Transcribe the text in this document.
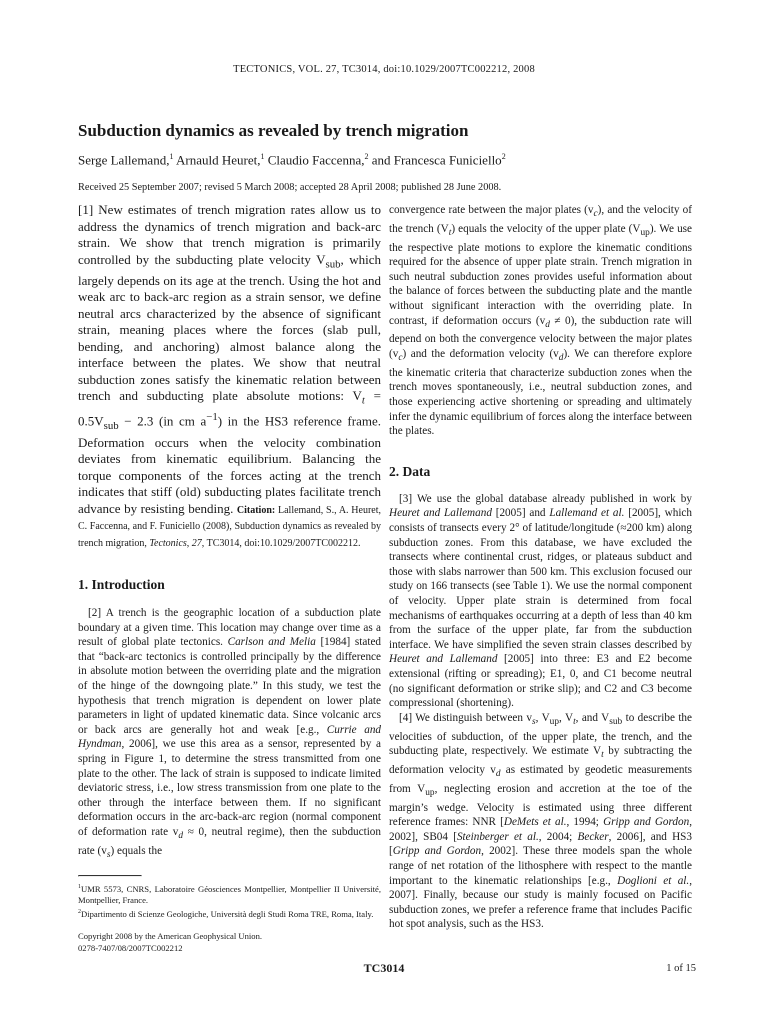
TECTONICS, VOL. 27, TC3014, doi:10.1029/2007TC002212, 2008
Subduction dynamics as revealed by trench migration
Serge Lallemand,$^1$ Arnauld Heuret,$^1$ Claudio Faccenna,$^2$ and Francesca Funiciello$^2$
Received 25 September 2007; revised 5 March 2008; accepted 28 April 2008; published 28 June 2008.

[1] New estimates of trench migration rates allow us to address the dynamics of trench migration and back-arc strain. We show that trench migration is primarily controlled by the subducting plate velocity $V_{sub}$, which largely depends on its age at the trench. Using the hot and weak arc to back-arc region as a strain sensor, we define neutral arcs characterized by the absence of significant strain, meaning places where the forces (slab pull, bending, and anchoring) almost balance along the interface between the plates. We show that neutral subduction zones satisfy the kinematic relation between trench and subducting plate absolute motions: $V_t = 0.5V_{sub} - 2.3$ (in cm $a^{-1}$) in the HS3 reference frame. Deformation occurs when the velocity combination deviates from kinematic equilibrium. Balancing the torque components of the forces acting at the trench indicates that stiff (old) subducting plates facilitate trench advance by resisting bending. Citation: Lallemand, S., A. Heuret, C. Faccenna, and F. Funiciello (2008), Subduction dynamics as revealed by trench migration, Tectonics, 27, TC3014, doi:10.1029/2007TC002212.

1. Introduction

[2] A trench is the geographic location of a subduction plate boundary at a given time. This location may change over time as a result of global plate tectonics. Carlson and Melia [1984] stated that “back-arc tectonics is controlled principally by the difference in absolute motion between the overriding plate and the migration of the hinge of the downgoing plate.” In this study, we test the hypothesis that trench migration is dependent on lower plate parameters in light of updated kinematic data. Since volcanic arcs or back arcs are generally hot and weak [e.g., Currie and Hyndman, 2006], we use this area as a sensor, represented by a spring in Figure 1, to determine the stress transmitted from one plate to the other. The lack of strain is supposed to indicate limited deviatoric stress, i.e., low stress transmission from one plate to the other through the interface between them. If no significant deformation occurs in the arc-back-arc region (normal component of deformation rate $v_d \approx 0$, neutral regime), then the subduction rate $(v_s)$ equals the

$^1$UMR 5573, CNRS, Laboratoire Géosciences Montpellier, Montpellier II Université, Montpellier, France.

$^2$Dipartimento di Scienze Geologiche, Università degli Studi Roma TRE, Roma, Italy.

Copyright 2008 by the American Geophysical Union.

0278-7407/08/2007TC002212

convergence rate between the major plates $(v_c)$, and the velocity of the trench $(V_t)$ equals the velocity of the upper plate $(V_{up})$. We use the respective plate motions to explore the kinematic conditions required for the absence of upper plate strain. Trench migration in such neutral subduction zones provides useful information about the balance of forces between the subducting plate and the mantle without significant interaction with the overriding plate. In contrast, if deformation occurs $(v_d \ne 0)$, the subduction rate will depend on both the convergence velocity between the major plates $(v_c)$ and the deformation velocity $(v_d)$. We can therefore explore the kinematic criteria that characterize subduction zones when the trench moves spontaneously, i.e., neutral subduction zones, and those experiencing active shortening or spreading and ultimately infer the dynamic equilibrium of forces along the interface between the plates.

2. Data

[3] We use the global database already published in work by Heuret and Lallemand [2005] and Lallemand et al. [2005], which consists of transects every 2° of latitude/longitude (≈200 km) along subduction zones. From this database, we have excluded the transects where continental crust, ridges, or plateaus subduct and those with slabs narrower than 500 km. This exclusion focused our study on 166 transects (see Table 1). We use the normal component of velocity. Upper plate strain is determined from focal mechanisms of earthquakes occurring at a depth of less than 40 km from the surface of the upper plate, far from the subduction interface. We have simplified the seven strain classes described by Heuret and Lallemand [2005] into three: E3 and E2 become extensional (rifting or spreading); E1, 0, and C1 become neutral (no significant deformation or strike slip); and C2 and C3 become compressional (shortening).

[4] We distinguish between $v_s$, $V_{up}$, $V_t$, and $V_{sub}$ to describe the velocities of subduction, of the upper plate, the trench, and the subducting plate, respectively. We estimate $V_t$ by subtracting the deformation velocity $v_d$ as estimated by geodetic measurements from $V_{up}$, neglecting erosion and accretion at the toe of the margin’s wedge. Velocity is estimated using three different reference frames: NNR [DeMets et al., 1994; Gripp and Gordon, 2002], SB04 [Steinberger et al., 2004; Becker, 2006], and HS3 [Gripp and Gordon, 2002]. These three models span the whole range of net rotation of the lithosphere with respect to the mantle important to the kinematic relationships [e.g., Doglioni et al., 2007]. Finally, because our study is mainly focused on Pacific subduction zones, we prefer a reference frame that includes Pacific hot spot analysis, such as the HS3.

TC3014	1 of 15
